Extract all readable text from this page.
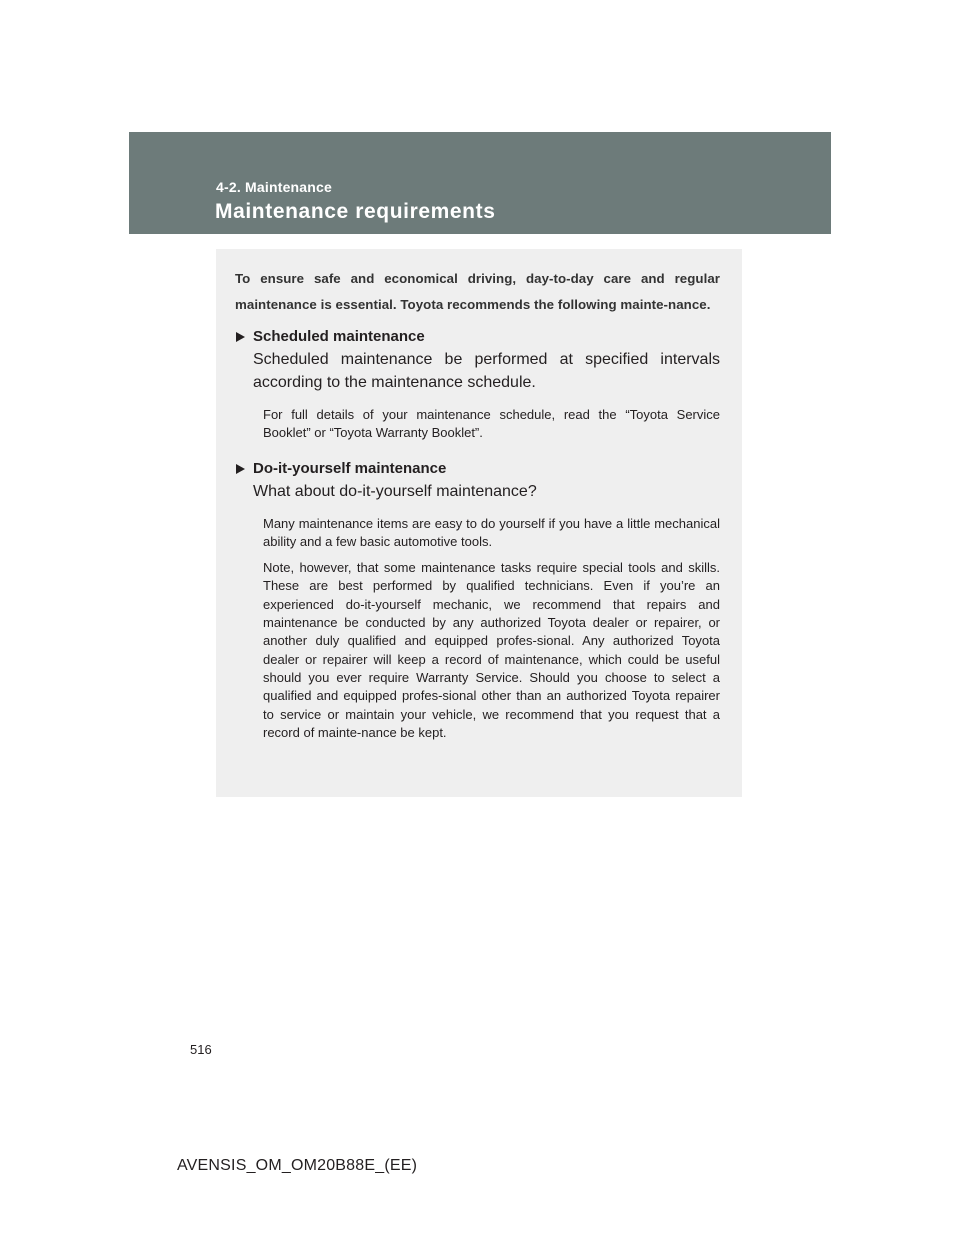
4-2. Maintenance
Maintenance requirements

To ensure safe and economical driving, day-to-day care and regular maintenance is essential. Toyota recommends the following mainte-nance.

Scheduled maintenance

Scheduled maintenance be performed at specified intervals according to the maintenance schedule.

For full details of your maintenance schedule, read the “Toyota Service Booklet” or “Toyota Warranty Booklet”.

Do-it-yourself maintenance

What about do-it-yourself maintenance?

Many maintenance items are easy to do yourself if you have a little mechanical ability and a few basic automotive tools.

Note, however, that some maintenance tasks require special tools and skills. These are best performed by qualified technicians. Even if you’re an experienced do-it-yourself mechanic, we recommend that repairs and maintenance be conducted by any authorized Toyota dealer or repairer, or another duly qualified and equipped profes-sional. Any authorized Toyota dealer or repairer will keep a record of maintenance, which could be useful should you ever require Warranty Service. Should you choose to select a qualified and equipped profes-sional other than an authorized Toyota repairer to service or maintain your vehicle, we recommend that you request that a record of mainte-nance be kept.

516
AVENSIS_OM_OM20B88E_(EE)
